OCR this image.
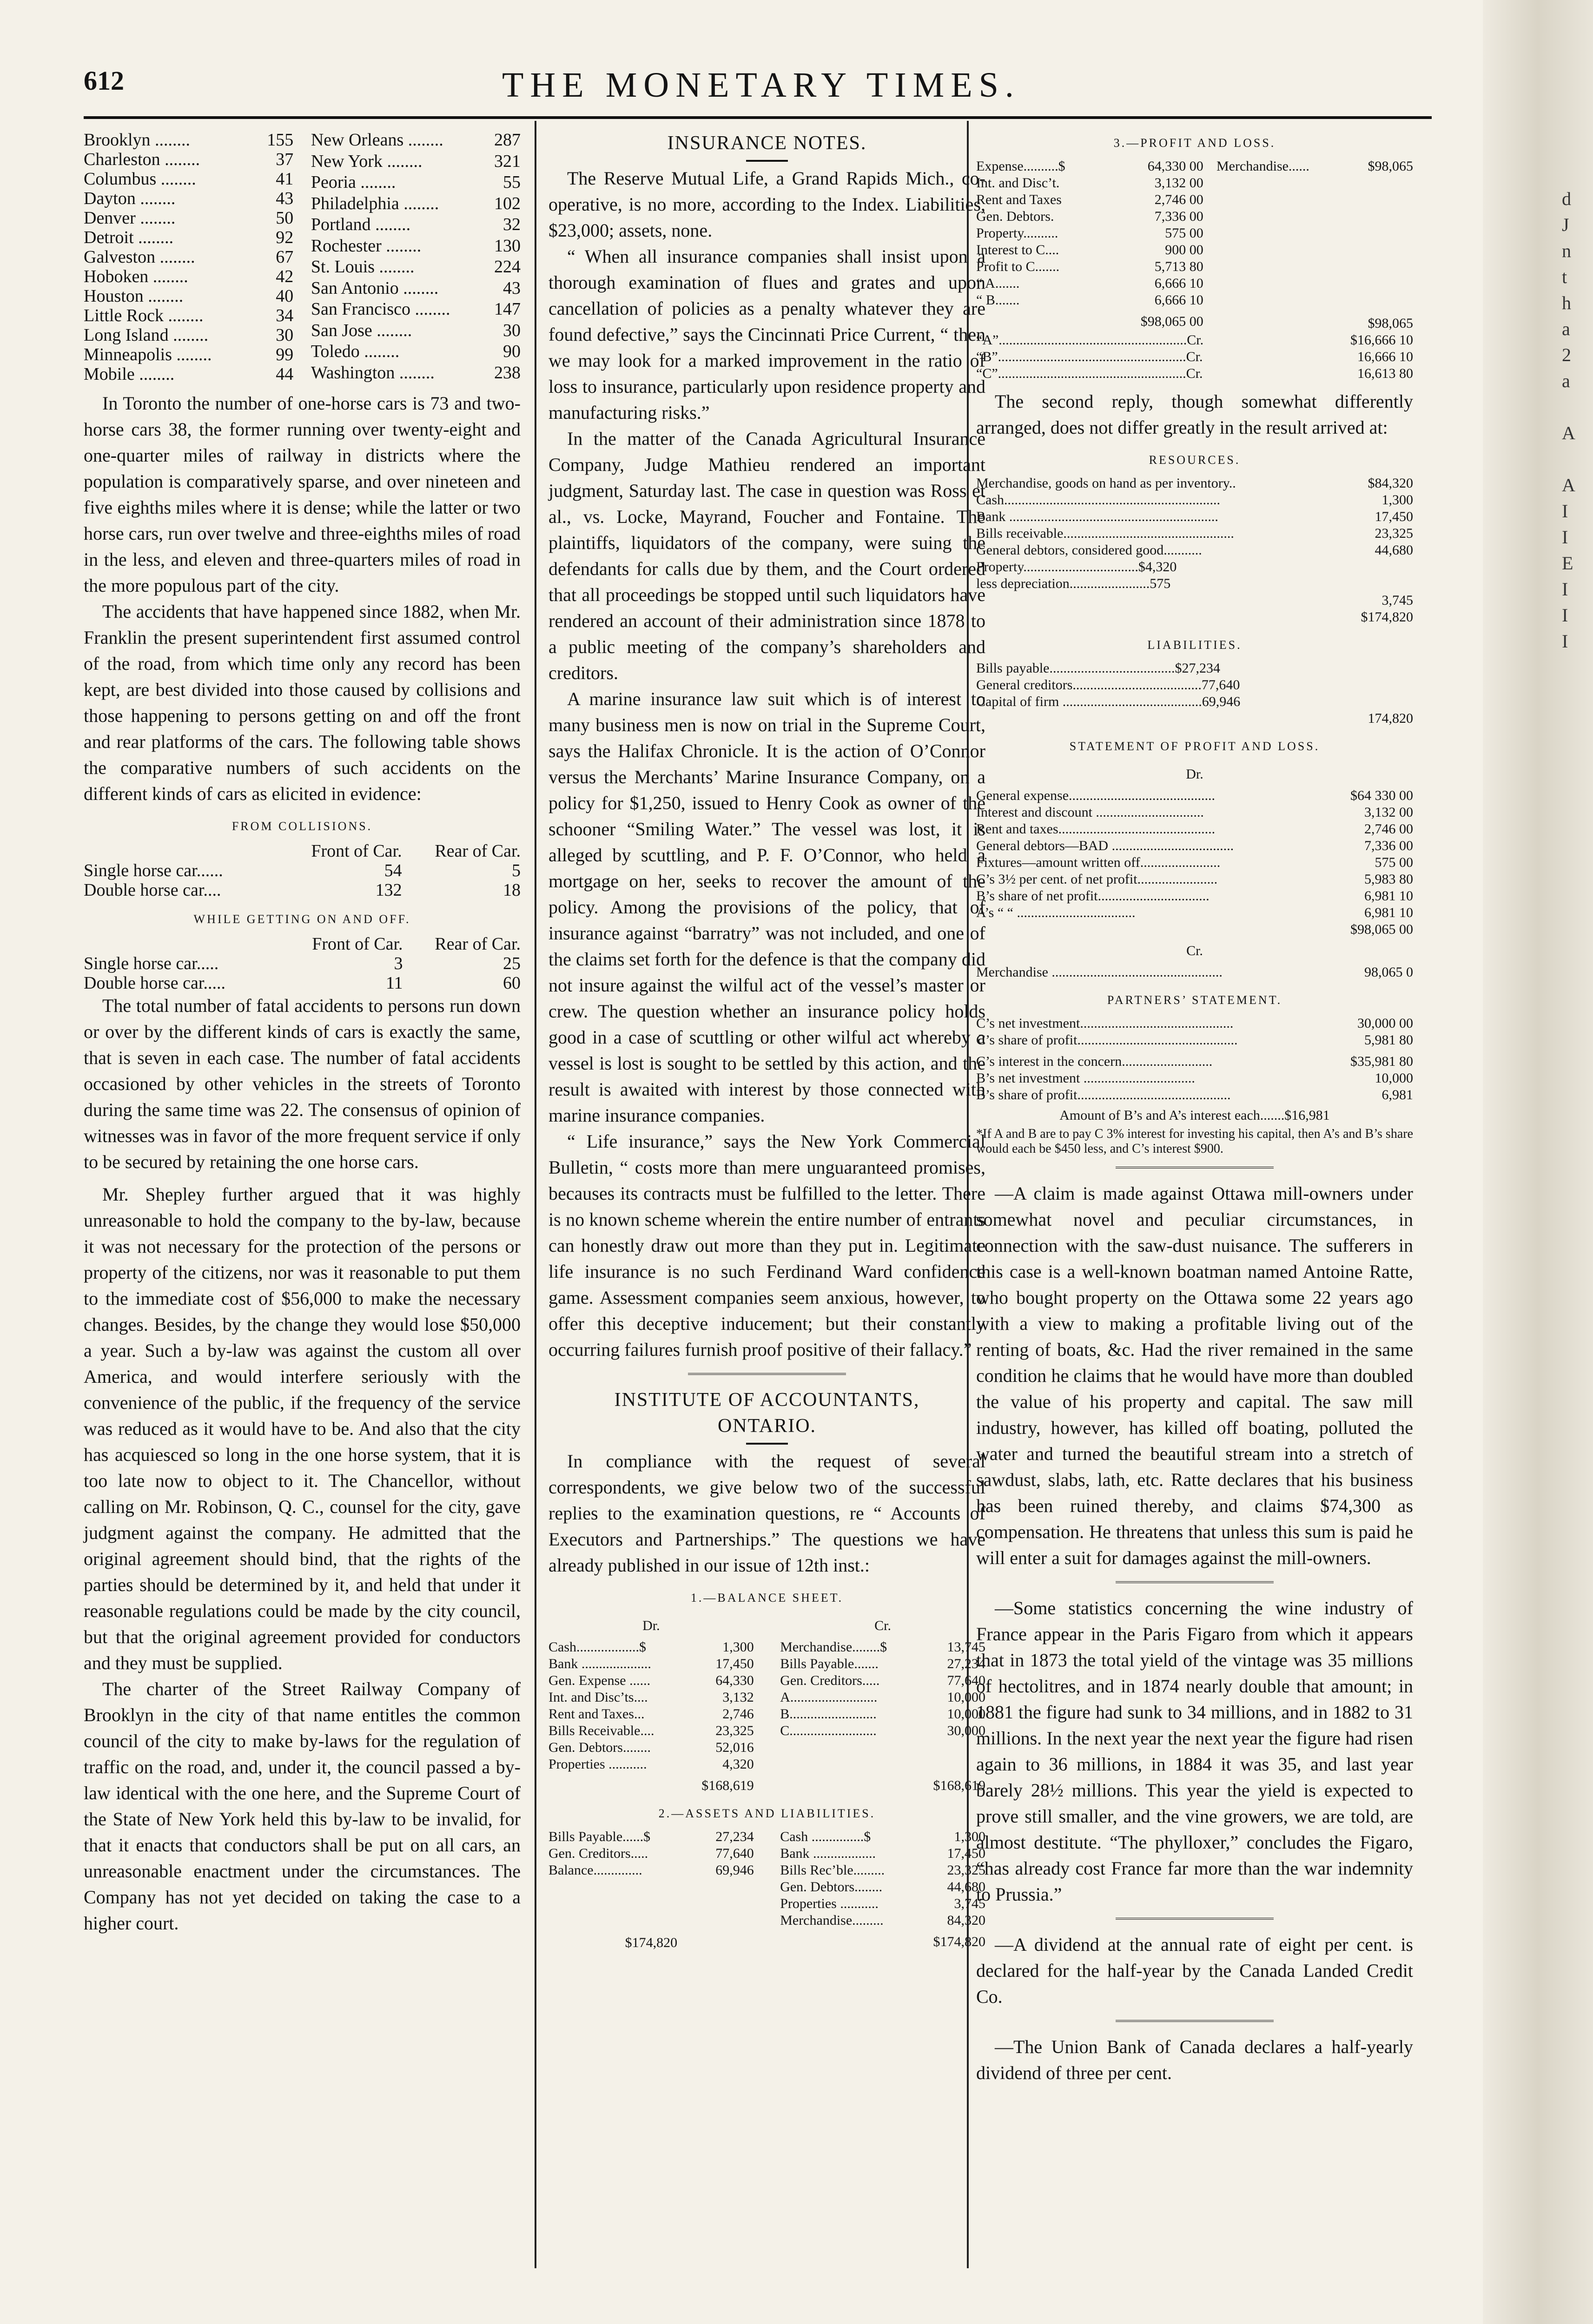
612	THE MONETARY TIMES.
Brooklyn ........	155
Charleston ........	37
Columbus ........	41
Dayton ........	43
Denver ........	50
Detroit ........	92
Galveston ........	67
Hoboken ........	42
Houston ........	40
Little Rock ........	34
Long Island ........	30
Minneapolis ........	99
Mobile ........	44
New Orleans ........	287
New York ........	321
Peoria ........	55
Philadelphia ........	102
Portland ........	32
Rochester ........	130
St. Louis ........	224
San Antonio ........	43
San Francisco ........	147
San Jose ........	30
Toledo ........	90
Washington ........	238

In Toronto the number of one-horse cars is 73 and two-horse cars 38, the former running over twenty-eight and one-quarter miles of railway in districts where the population is comparatively sparse, and over nineteen and five eighths miles where it is dense; while the latter or two horse cars, run over twelve and three-eighths miles of road in the less, and eleven and three-quarters miles of road in the more populous part of the city.

The accidents that have happened since 1882, when Mr. Franklin the present superintendent first assumed control of the road, from which time only any record has been kept, are best divided into those caused by collisions and those happening to persons getting on and off the front and rear platforms of the cars. The following table shows the comparative numbers of such accidents on the different kinds of cars as elicited in evidence:

FROM COLLISIONS.
	Front of Car.	Rear of Car.
Single horse car......	54	5
Double horse car....	132	18
WHILE GETTING ON AND OFF.
	Front of Car.	Rear of Car.
Single horse car.....	3	25
Double horse car.....	11	60

The total number of fatal accidents to persons run down or over by the different kinds of cars is exactly the same, that is seven in each case. The number of fatal accidents occasioned by other vehicles in the streets of Toronto during the same time was 22. The consensus of opinion of witnesses was in favor of the more frequent service if only to be secured by retaining the one horse cars.

Mr. Shepley further argued that it was highly unreasonable to hold the company to the by-law, because it was not necessary for the protection of the persons or property of the citizens, nor was it reasonable to put them to the immediate cost of $56,000 to make the necessary changes. Besides, by the change they would lose $50,000 a year. Such a by-law was against the custom all over America, and would interfere seriously with the convenience of the public, if the frequency of the service was reduced as it would have to be. And also that the city has acquiesced so long in the one horse system, that it is too late now to object to it. The Chancellor, without calling on Mr. Robinson, Q. C., counsel for the city, gave judgment against the company. He admitted that the original agreement should bind, that the rights of the parties should be determined by it, and held that under it reasonable regulations could be made by the city council, but that the original agreement provided for conductors and they must be supplied.

The charter of the Street Railway Company of Brooklyn in the city of that name entitles the common council of the city to make by-laws for the regulation of traffic on the road, and, under it, the council passed a by-law identical with the one here, and the Supreme Court of the State of New York held this by-law to be invalid, for that it enacts that conductors shall be put on all cars, an unreasonable enactment under the circumstances. The Company has not yet decided on taking the case to a higher court.

INSURANCE NOTES.

The Reserve Mutual Life, a Grand Rapids Mich., co-operative, is no more, according to the Index. Liabilities, $23,000; assets, none.

“ When all insurance companies shall insist upon a thorough examination of flues and grates and upon cancellation of policies as a penalty whatever they are found defective,” says the Cincinnati Price Current, “ then we may look for a marked improvement in the ratio of loss to insurance, particularly upon residence property and manufacturing risks.”

In the matter of the Canada Agricultural Insurance Company, Judge Mathieu rendered an important judgment, Saturday last. The case in question was Ross et al., vs. Locke, Mayrand, Foucher and Fontaine. The plaintiffs, liquidators of the company, were suing the defendants for calls due by them, and the Court ordered that all proceedings be stopped until such liquidators have rendered an account of their administration since 1878 to a public meeting of the company’s shareholders and creditors.

A marine insurance law suit which is of interest to many business men is now on trial in the Supreme Court, says the Halifax Chronicle. It is the action of O’Connor versus the Merchants’ Marine Insurance Company, on a policy for $1,250, issued to Henry Cook as owner of the schooner “Smiling Water.” The vessel was lost, it is alleged by scuttling, and P. F. O’Connor, who held a mortgage on her, seeks to recover the amount of the policy. Among the provisions of the policy, that of insurance against “barratry” was not included, and one of the claims set forth for the defence is that the company did not insure against the wilful act of the vessel’s master or crew. The question whether an insurance policy holds good in a case of scuttling or other wilful act whereby a vessel is lost is sought to be settled by this action, and the result is awaited with interest by those connected with marine insurance companies.

“ Life insurance,” says the New York Commercial Bulletin, “ costs more than mere unguaranteed promises, becauses its contracts must be fulfilled to the letter. There is no known scheme wherein the entire number of entrants can honestly draw out more than they put in. Legitimate life insurance is no such Ferdinand Ward confidence game. Assessment companies seem anxious, however, to offer this deceptive inducement; but their constantly occurring failures furnish proof positive of their fallacy.”

INSTITUTE OF ACCOUNTANTS,

ONTARIO.

In compliance with the request of several correspondents, we give below two of the successful replies to the examination questions, re “ Accounts of Executors and Partnerships.” The questions we have already published in our issue of 12th inst.:

1.—BALANCE SHEET.
Dr.
Cash..................$	1,300
Bank ....................	17,450
Gen. Expense ......	64,330
Int. and Disc’ts....	3,132
Rent and Taxes...	2,746
Bills Receivable....	23,325
Gen. Debtors........	52,016
Properties ...........	4,320
$168,619
Cr.
Merchandise........$	13,745
Bills Payable.......	27,234
Gen. Creditors.....	77,640
A.........................	10,000
B.........................	10,000
C.........................	30,000
$168,619
2.—ASSETS AND LIABILITIES.
Bills Payable......$	27,234
Gen. Creditors.....	77,640
Balance..............	69,946
$174,820
Cash ...............$	1,300
Bank ..................	17,450
Bills Rec’ble.........	23,325
Gen. Debtors........	44,680
Properties ...........	3,745
Merchandise.........	84,320
$174,820
3.—PROFIT AND LOSS.
Expense..........$	64,330 00
Int. and Disc’t.	3,132 00
Rent and Taxes	2,746 00
Gen. Debtors.	7,336 00
Property..........	575 00
Interest to C....	900 00
Profit to C.......	5,713 80
“ A.......	6,666 10
“ B.......	6,666 10
$98,065 00
Merchandise......	$98,065
$98,065
“A”......................................................Cr.	$16,666 10
“B”......................................................Cr.	16,666 10
“C”......................................................Cr.	16,613 80

The second reply, though somewhat differently arranged, does not differ greatly in the result arrived at:

RESOURCES.
Merchandise, goods on hand as per inventory..	$84,320
Cash..............................................................	1,300
Bank ............................................................	17,450
Bills receivable.................................................	23,325
General debtors, considered good...........	44,680
Property.................................$4,320	
less depreciation.......................575	
3,745
$174,820
LIABILITIES.
Bills payable....................................$27,234	
General creditors.....................................77,640	
Capital of firm ........................................69,946	
174,820
STATEMENT OF PROFIT AND LOSS.
Dr.
General expense..........................................	$64 330 00
Interest and discount ...............................	3,132 00
Rent and taxes.............................................	2,746 00
General debtors—BAD ...................................	7,336 00
Fixtures—amount written off.......................	575 00
C’s 3½ per cent. of net profit.......................	5,983 80
B’s share of net profit................................	6,981 10
A’s “ “ ..................................	6,981 10
$98,065 00
Cr.
Merchandise .................................................	98,065 0
PARTNERS’ STATEMENT.
C’s net investment............................................	30,000 00
C’s share of profit..............................................	5,981 80
C’s interest in the concern..........................	$35,981 80
B’s net investment ................................	10,000
B’s share of profit............................................	6,981
Amount of B’s and A’s interest each.......$16,981

*If A and B are to pay C 3% interest for investing his capital, then A’s and B’s share would each be $450 less, and C’s interest $900.

—A claim is made against Ottawa mill-owners under somewhat novel and peculiar circumstances, in connection with the saw-dust nuisance. The sufferers in this case is a well-known boatman named Antoine Ratte, who bought property on the Ottawa some 22 years ago with a view to making a profitable living out of the renting of boats, &c. Had the river remained in the same condition he claims that he would have more than doubled the value of his property and capital. The saw mill industry, however, has killed off boating, polluted the water and turned the beautiful stream into a stretch of sawdust, slabs, lath, etc. Ratte declares that his business has been ruined thereby, and claims $74,300 as compensation. He threatens that unless this sum is paid he will enter a suit for damages against the mill-owners.

—Some statistics concerning the wine industry of France appear in the Paris Figaro from which it appears that in 1873 the total yield of the vintage was 35 millions of hectolitres, and in 1874 nearly double that amount; in 1881 the figure had sunk to 34 millions, and in 1882 to 31 millions. In the next year the next year the figure had risen again to 36 millions, in 1884 it was 35, and last year barely 28½ millions. This year the yield is expected to prove still smaller, and the vine growers, we are told, are almost destitute. “The phylloxer,” concludes the Figaro, “has already cost France far more than the war indemnity to Prussia.”

—A dividend at the annual rate of eight per cent. is declared for the half-year by the Canada Landed Credit Co.

—The Union Bank of Canada declares a half-yearly dividend of three per cent.

d
J
n
t
h
a
2
a

A

A
I
I
E
I
I
I
